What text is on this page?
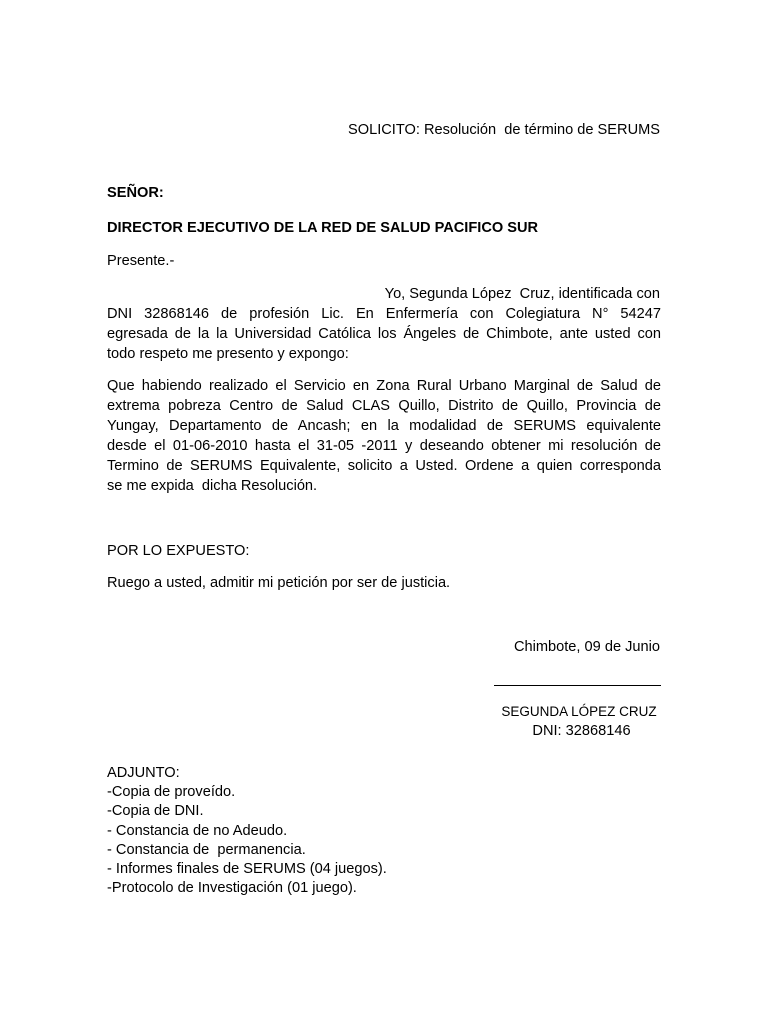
SOLICITO: Resolución  de término de SERUMS
SEÑOR:
DIRECTOR EJECUTIVO DE LA RED DE SALUD PACIFICO SUR
Presente.-
Yo, Segunda López  Cruz, identificada con
DNI 32868146 de profesión Lic. En Enfermería con Colegiatura N° 54247
egresada de la la Universidad Católica los Ángeles de Chimbote, ante usted con
todo respeto me presento y expongo:
Que habiendo realizado el Servicio en Zona Rural Urbano Marginal de Salud de
extrema pobreza Centro de Salud CLAS Quillo, Distrito de Quillo, Provincia de
Yungay, Departamento de Ancash; en la modalidad de SERUMS equivalente
desde el 01-06-2010 hasta el 31-05 -2011 y deseando obtener mi resolución de
Termino de SERUMS Equivalente, solicito a Usted. Ordene a quien corresponda
se me expida  dicha Resolución.
POR LO EXPUESTO:
Ruego a usted, admitir mi petición por ser de justicia.
Chimbote, 09 de Junio
SEGUNDA LÓPEZ CRUZ
DNI: 32868146
ADJUNTO:
-Copia de proveído.
-Copia de DNI.
- Constancia de no Adeudo.
- Constancia de  permanencia.
- Informes finales de SERUMS (04 juegos).
-Protocolo de Investigación (01 juego).
